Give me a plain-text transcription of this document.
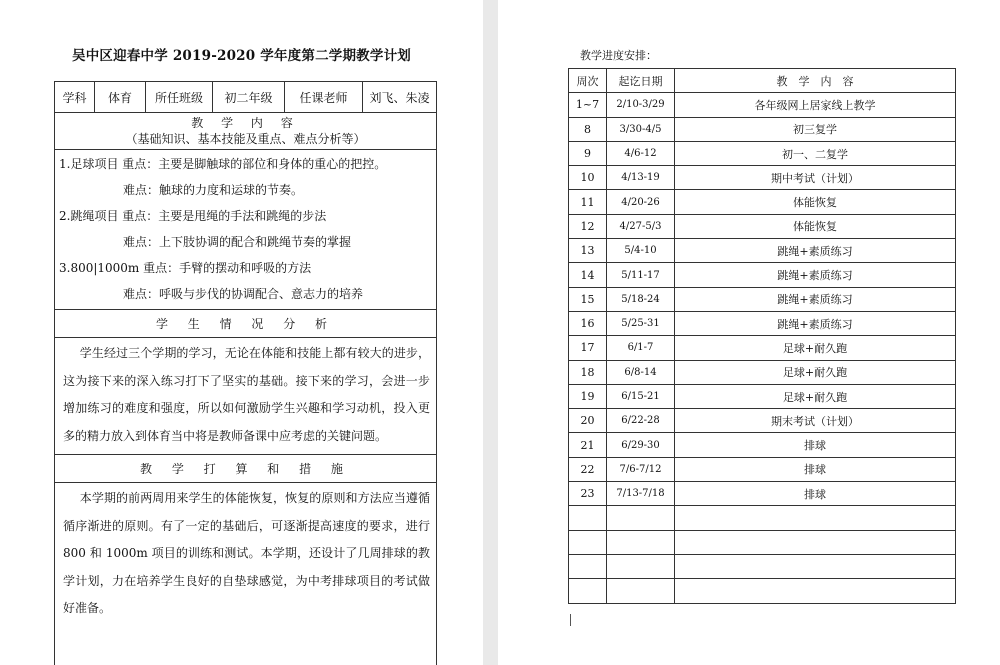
吴中区迎春中学 2019-2020 学年度第二学期教学计划
学科	体育	所任班级	初二年级	任课老师	刘飞、朱凌

教 学 内 容
（基础知识、基本技能及重点、难点分析等）

1.足球项目 重点：主要是脚触球的部位和身体的重心的把控。
难点：触球的力度和运球的节奏。
2.跳绳项目 重点：主要是甩绳的手法和跳绳的步法
难点：上下肢协调的配合和跳绳节奏的掌握
3.800|1000m 重点：手臂的摆动和呼吸的方法
难点：呼吸与步伐的协调配合、意志力的培养

学 生 情 况 分 析

学生经过三个学期的学习，无论在体能和技能上都有较大的进步，这为接下来的深入练习打下了坚实的基础。接下来的学习，会进一步增加练习的难度和强度，所以如何激励学生兴趣和学习动机，投入更多的精力放入到体育当中将是教师备课中应考虑的关键问题。

教 学 打 算 和 措 施

本学期的前两周用来学生的体能恢复，恢复的原则和方法应当遵循循序渐进的原则。有了一定的基础后，可逐渐提高速度的要求，进行 800 和 1000m 项目的训练和测试。本学期，还设计了几周排球的教学计划，力在培养学生良好的自垫球感觉，为中考排球项目的考试做好准备。
教学进度安排：
周次	起讫日期	教　学　内　容
1~7	2/10-3/29	各年级网上居家线上教学
8	3/30-4/5	初三复学
9	4/6-12	初一、二复学
10	4/13-19	期中考试（计划）
11	4/20-26	体能恢复
12	4/27-5/3	体能恢复
13	5/4-10	跳绳+素质练习
14	5/11-17	跳绳+素质练习
15	5/18-24	跳绳+素质练习
16	5/25-31	跳绳+素质练习
17	6/1-7	足球+耐久跑
18	6/8-14	足球+耐久跑
19	6/15-21	足球+耐久跑
20	6/22-28	期末考试（计划）
21	6/29-30	排球
22	7/6-7/12	排球
23	7/13-7/18	排球
